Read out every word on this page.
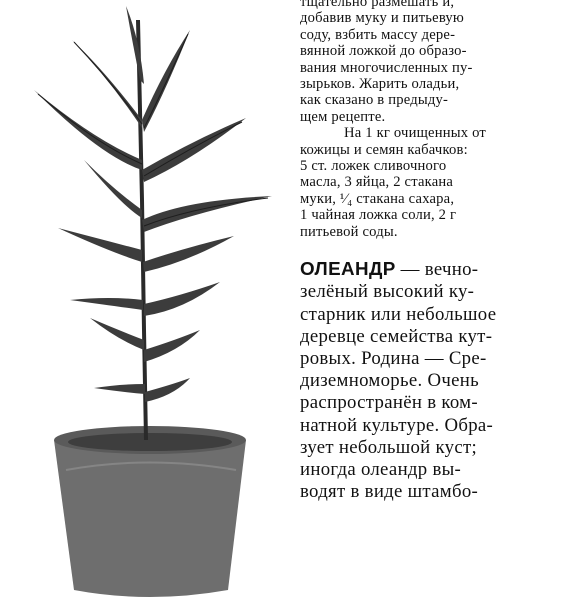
тщательно размешать и,
добавив муку и питьевую
соду, взбить массу дере-
вянной ложкой до образо-
вания многочисленных пу-
зырьков. Жарить оладьи,
как сказано в предыду-
щем рецепте.
На 1 кг очищенных от
кожицы и семян кабачков:
5 ст. ложек сливочного
масла, 3 яйца, 2 стакана
муки, ¹⁄₄ стакана сахара,
1 чайная ложка соли, 2 г
питьевой соды.
ОЛЕАНДР — вечно-
зелёный высокий ку-
старник или небольшое
деревце семейства кут-
ровых. Родина — Сре-
диземноморье. Очень
распространён в ком-
натной культуре. Обра-
зует небольшой куст;
иногда олеандр вы-
водят в виде штамбо-
